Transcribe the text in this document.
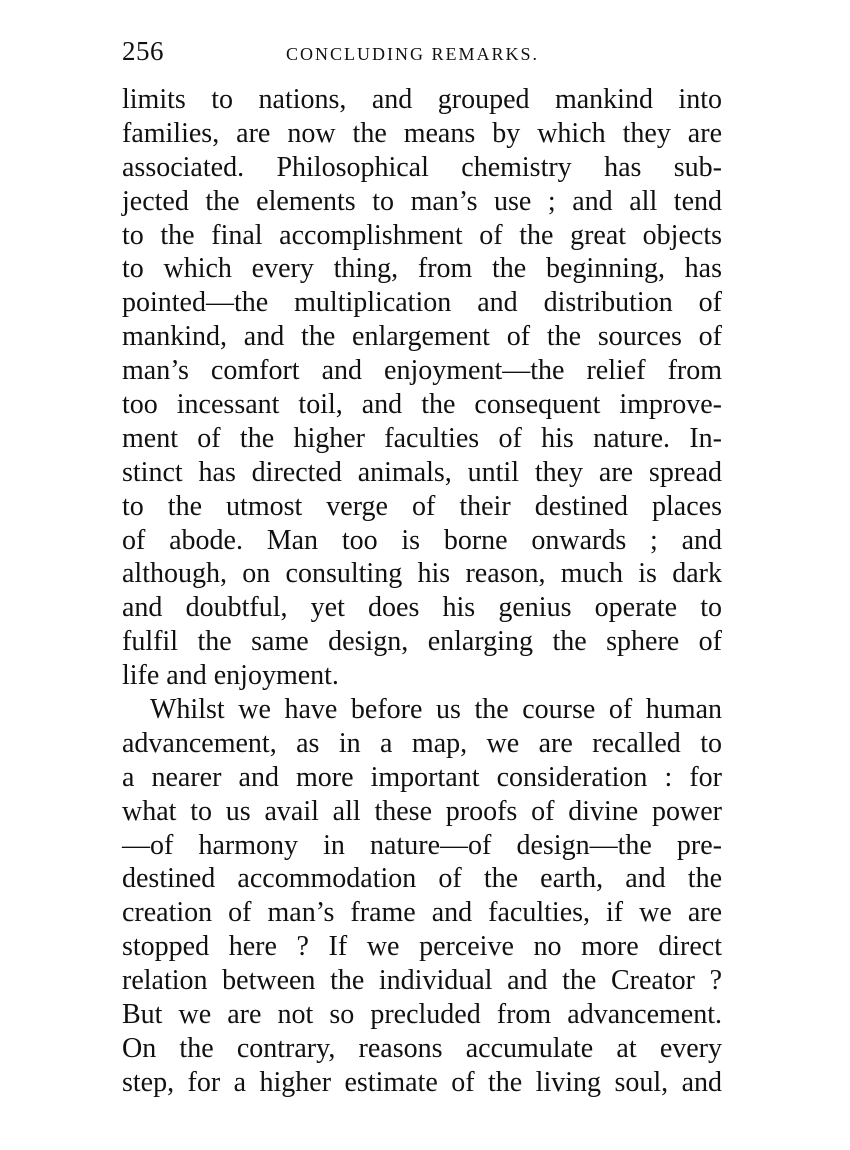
256	CONCLUDING REMARKS.
limits to nations, and grouped mankind into
families, are now the means by which they are
associated. Philosophical chemistry has sub-
jected the elements to man’s use ; and all tend
to the final accomplishment of the great objects
to which every thing, from the beginning, has
pointed—the multiplication and distribution of
mankind, and the enlargement of the sources of
man’s comfort and enjoyment—the relief from
too incessant toil, and the consequent improve-
ment of the higher faculties of his nature. In-
stinct has directed animals, until they are spread
to the utmost verge of their destined places
of abode. Man too is borne onwards ; and
although, on consulting his reason, much is dark
and doubtful, yet does his genius operate to
fulfil the same design, enlarging the sphere of
life and enjoyment.
Whilst we have before us the course of human
advancement, as in a map, we are recalled to
a nearer and more important consideration : for
what to us avail all these proofs of divine power
—of harmony in nature—of design—the pre-
destined accommodation of the earth, and the
creation of man’s frame and faculties, if we are
stopped here ? If we perceive no more direct
relation between the individual and the Creator ?
But we are not so precluded from advancement.
On the contrary, reasons accumulate at every
step, for a higher estimate of the living soul, and
